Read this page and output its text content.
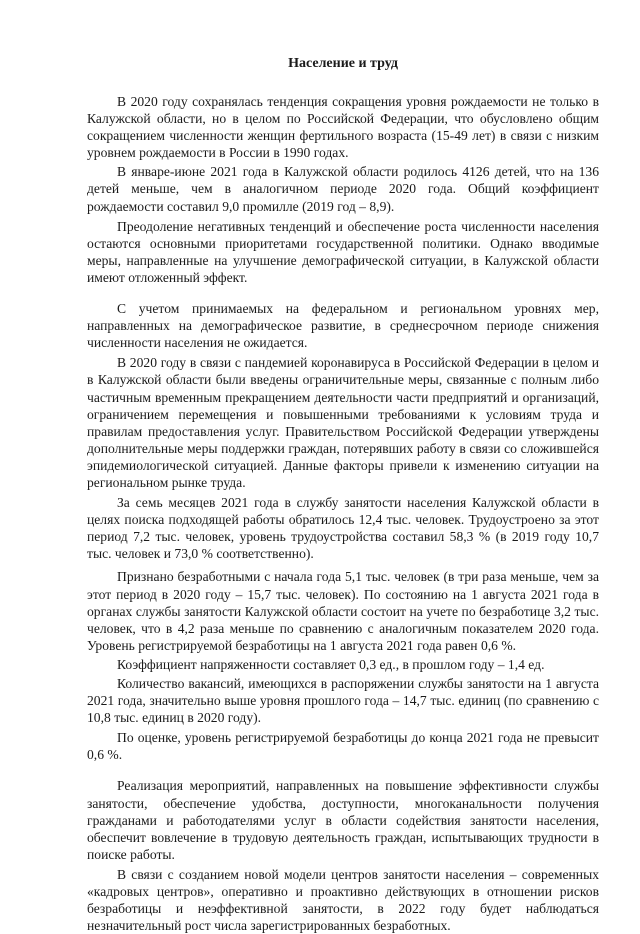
Население и труд

В 2020 году сохранялась тенденция сокращения уровня рождаемости не только в Калужской области, но в целом по Российской Федерации, что обусловлено общим сокращением численности женщин фертильного возраста (15-49 лет) в связи с низким уровнем рождаемости в России в 1990 годах.

В январе-июне 2021 года в Калужской области родилось 4126 детей, что на 136 детей меньше, чем в аналогичном периоде 2020 года. Общий коэффициент рождаемости составил 9,0 промилле (2019 год – 8,9).

Преодоление негативных тенденций и обеспечение роста численности населения остаются основными приоритетами государственной политики. Однако вводимые меры, направленные на улучшение демографической ситуации, в Калужской области имеют отложенный эффект.

С учетом принимаемых на федеральном и региональном уровнях мер, направленных на демографическое развитие, в среднесрочном периоде снижения численности населения не ожидается.

В 2020 году в связи с пандемией коронавируса в Российской Федерации в целом и в Калужской области были введены ограничительные меры, связанные с полным либо частичным временным прекращением деятельности части предприятий и организаций, ограничением перемещения и повышенными требованиями к условиям труда и правилам предоставления услуг. Правительством Российской Федерации утверждены дополнительные меры поддержки граждан, потерявших работу в связи со сложившейся эпидемиологической ситуацией. Данные факторы привели к изменению ситуации на региональном рынке труда.

За семь месяцев 2021 года в службу занятости населения Калужской области в целях поиска подходящей работы обратилось 12,4 тыс. человек. Трудоустроено за этот период 7,2 тыс. человек, уровень трудоустройства составил 58,3 % (в 2019 году 10,7 тыс. человек и 73,0 % соответственно).

Признано безработными с начала года 5,1 тыс. человек (в три раза меньше, чем за этот период в 2020 году – 15,7 тыс. человек). По состоянию на 1 августа 2021 года в органах службы занятости Калужской области состоит на учете по безработице 3,2 тыс. человек, что в 4,2 раза меньше по сравнению с аналогичным показателем 2020 года. Уровень регистрируемой безработицы на 1 августа 2021 года равен 0,6 %.

Коэффициент напряженности составляет 0,3 ед., в прошлом году – 1,4 ед.

Количество вакансий, имеющихся в распоряжении службы занятости на 1 августа 2021 года, значительно выше уровня прошлого года – 14,7 тыс. единиц (по сравнению с 10,8 тыс. единиц в 2020 году).

По оценке, уровень регистрируемой безработицы до конца 2021 года не превысит 0,6 %.

Реализация мероприятий, направленных на повышение эффективности службы занятости, обеспечение удобства, доступности, многоканальности получения гражданами и работодателями услуг в области содействия занятости населения, обеспечит вовлечение в трудовую деятельность граждан, испытывающих трудности в поиске работы.

В связи с созданием новой модели центров занятости населения – современных «кадровых центров», оперативно и проактивно действующих в отношении рисков безработицы и неэффективной занятости, в 2022 году будет наблюдаться незначительный рост числа зарегистрированных безработных.
